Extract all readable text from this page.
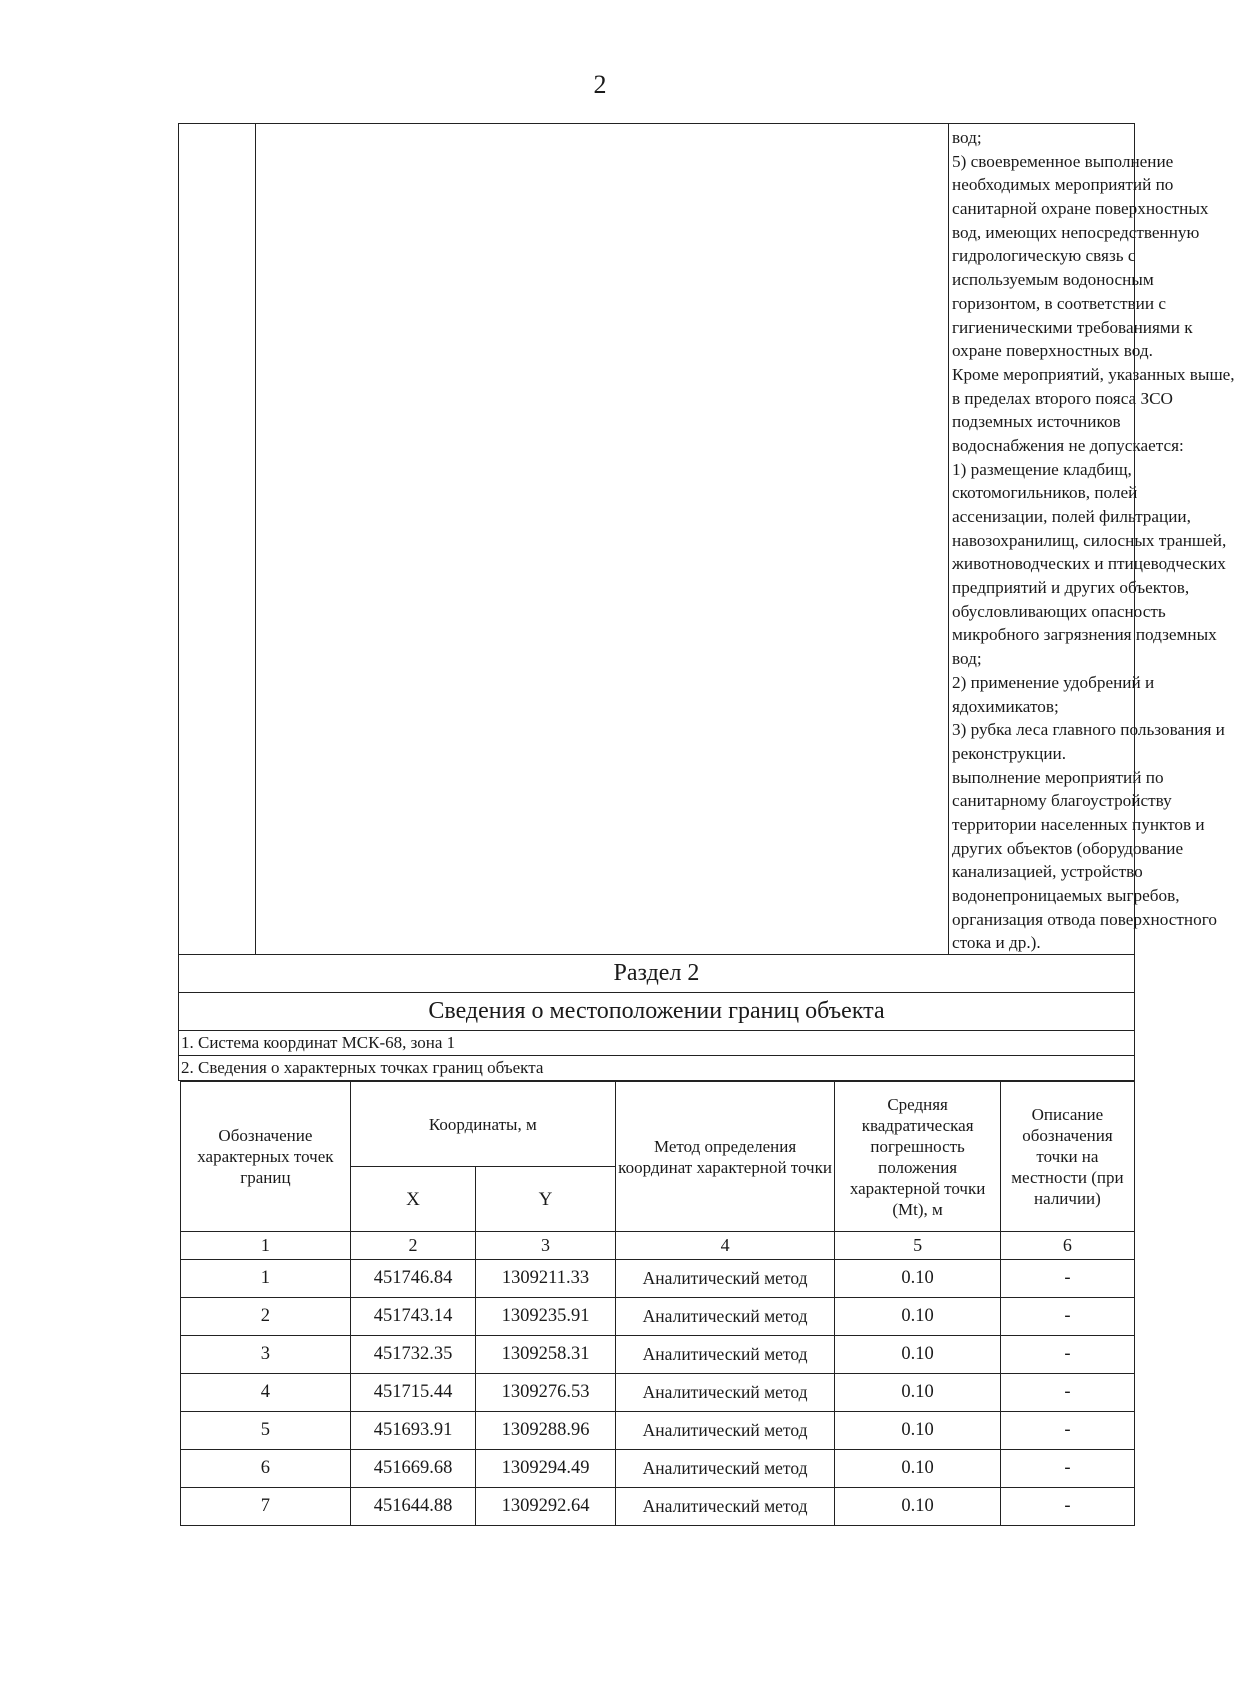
2
вод;
5) своевременное выполнение
необходимых мероприятий по
санитарной охране поверхностных
вод, имеющих непосредственную
гидрологическую связь с
используемым водоносным
горизонтом, в соответствии с
гигиеническими требованиями к
охране поверхностных вод.
Кроме мероприятий, указанных выше,
в пределах второго пояса ЗСО
подземных источников
водоснабжения не допускается:
1) размещение кладбищ,
скотомогильников, полей
ассенизации, полей фильтрации,
навозохранилищ, силосных траншей,
животноводческих и птицеводческих
предприятий и других объектов,
обусловливающих опасность
микробного загрязнения подземных
вод;
2) применение удобрений и
ядохимикатов;
3) рубка леса главного пользования и
реконструкции.
выполнение мероприятий по
санитарному благоустройству
территории населенных пунктов и
других объектов (оборудование
канализацией, устройство
водонепроницаемых выгребов,
организация отвода поверхностного
стока и др.).
Раздел 2
Сведения о местоположении границ объекта
1. Система координат МСК-68, зона 1
2. Сведения о характерных точках границ объекта
Обозначение характерных точек границ	Координаты, м		Метод определения координат характерной точки	Средняя квадратическая погрешность положения характерной точки (Mt), м	Описание обозначения точки на местности (при наличии)
	X	Y			
1	2	3	4	5	6
1	451746.84	1309211.33	Аналитический метод	0.10	-
2	451743.14	1309235.91	Аналитический метод	0.10	-
3	451732.35	1309258.31	Аналитический метод	0.10	-
4	451715.44	1309276.53	Аналитический метод	0.10	-
5	451693.91	1309288.96	Аналитический метод	0.10	-
6	451669.68	1309294.49	Аналитический метод	0.10	-
7	451644.88	1309292.64	Аналитический метод	0.10	-
